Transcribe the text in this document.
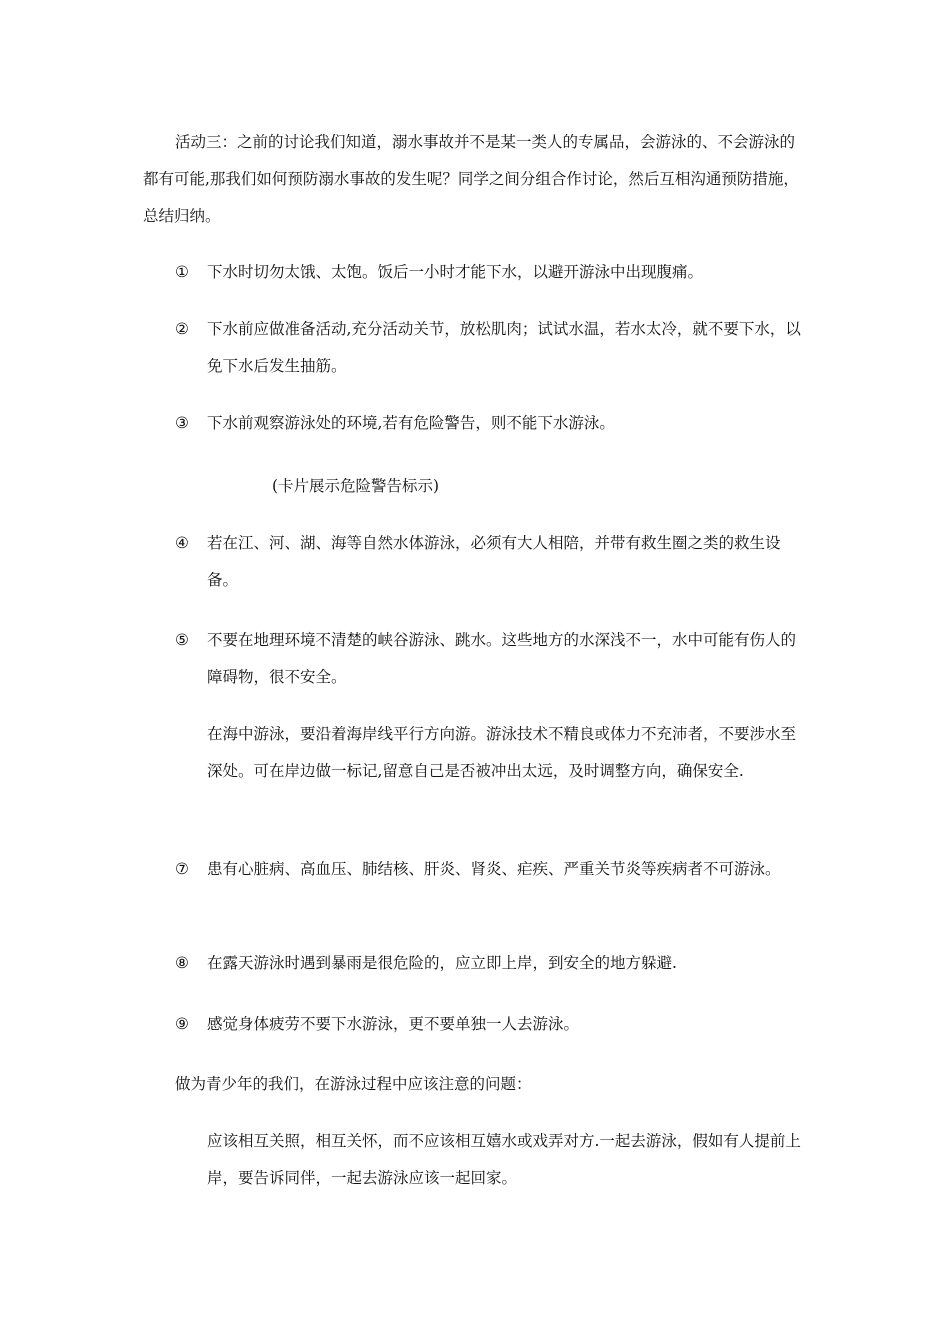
活动三：之前的讨论我们知道，溺水事故并不是某一类人的专属品，会游泳的、不会游泳的都有可能,那我们如何预防溺水事故的发生呢？同学之间分组合作讨论，然后互相沟通预防措施，总结归纳。

①	下水时切勿太饿、太饱。饭后一小时才能下水，以避开游泳中出现腹痛。
②	下水前应做准备活动,充分活动关节，放松肌肉；试试水温，若水太冷，就不要下水，以免下水后发生抽筋。
③	下水前观察游泳处的环境,若有危险警告，则不能下水游泳。

(卡片展示危险警告标示)

④	若在江、河、湖、海等自然水体游泳，必须有大人相陪，并带有救生圈之类的救生设备。
⑤	不要在地理环境不清楚的峡谷游泳、跳水。这些地方的水深浅不一，水中可能有伤人的障碍物，很不安全。

在海中游泳，要沿着海岸线平行方向游。游泳技术不精良或体力不充沛者，不要涉水至深处。可在岸边做一标记,留意自己是否被冲出太远，及时调整方向，确保安全.

⑦	患有心脏病、高血压、肺结核、肝炎、肾炎、疟疾、严重关节炎等疾病者不可游泳。
⑧	在露天游泳时遇到暴雨是很危险的，应立即上岸，到安全的地方躲避.
⑨	感觉身体疲劳不要下水游泳，更不要单独一人去游泳。

做为青少年的我们，在游泳过程中应该注意的问题：

应该相互关照，相互关怀，而不应该相互嬉水或戏弄对方.一起去游泳，假如有人提前上岸，要告诉同伴，一起去游泳应该一起回家。
